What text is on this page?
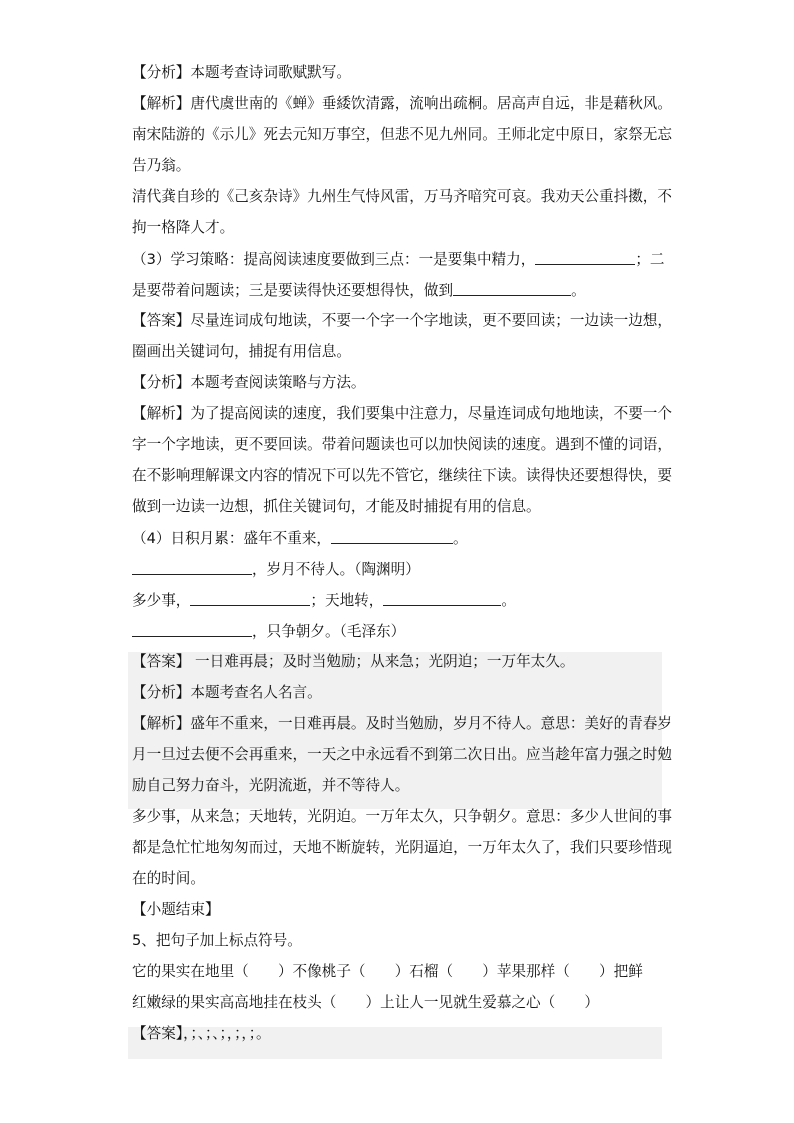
【分析】本题考查诗词歌赋默写。
【解析】唐代虞世南的《蝉》垂緌饮清露，流响出疏桐。居高声自远，非是藉秋风。
南宋陆游的《示儿》死去元知万事空，但悲不见九州同。王师北定中原日，家祭无忘
告乃翁。
清代龚自珍的《己亥杂诗》九州生气恃风雷，万马齐喑究可哀。我劝天公重抖擞，不
拘一格降人才。
（3）学习策略：提高阅读速度要做到三点：一是要集中精力，	；二
是要带着问题读；三是要读得快还要想得快，做到	。
【答案】尽量连词成句地读，不要一个字一个字地读，更不要回读；一边读一边想，
圈画出关键词句，捕捉有用信息。
【分析】本题考查阅读策略与方法。
【解析】为了提高阅读的速度，我们要集中注意力，尽量连词成句地地读，不要一个
字一个字地读，更不要回读。带着问题读也可以加快阅读的速度。遇到不懂的词语，
在不影响理解课文内容的情况下可以先不管它，继续往下读。读得快还要想得快，要
做到一边读一边想，抓住关键词句，才能及时捕捉有用的信息。
（4）日积月累：盛年不重来，	。
，岁月不待人。（陶渊明）
多少事，	；天地转，	。
，只争朝夕。（毛泽东）
【答案】 一日难再晨；及时当勉励；从来急；光阴迫；一万年太久。
【分析】本题考查名人名言。
【解析】盛年不重来，一日难再晨。及时当勉励，岁月不待人。意思：美好的青春岁
月一旦过去便不会再重来，一天之中永远看不到第二次日出。应当趁年富力强之时勉
励自己努力奋斗，光阴流逝，并不等待人。
多少事，从来急；天地转，光阴迫。一万年太久，只争朝夕。意思：多少人世间的事
都是急忙忙地匆匆而过，天地不断旋转，光阴逼迫，一万年太久了，我们只要珍惜现
在的时间。
【小题结束】
5、把句子加上标点符号。
它的果实在地里（　　）不像桃子（　　）石榴（　　）苹果那样（　　）把鲜
红嫩绿的果实高高地挂在枝头（　　）上让人一见就生爱慕之心（　　）
【答案】，；、；、；，；，；。
